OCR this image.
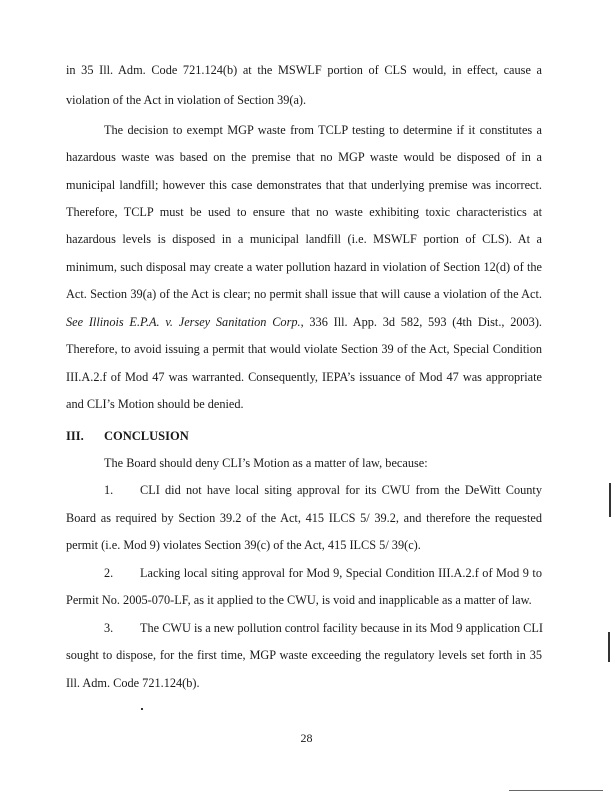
in 35 Ill. Adm. Code 721.124(b) at the MSWLF portion of CLS would, in effect, cause a
violation of the Act in violation of Section 39(a).
The decision to exempt MGP waste from TCLP testing to determine if it constitutes a
hazardous waste was based on the premise that no MGP waste would be disposed of in a
municipal landfill; however this case demonstrates that that underlying premise was incorrect.
Therefore, TCLP must be used to ensure that no waste exhibiting toxic characteristics at
hazardous levels is disposed in a municipal landfill (i.e. MSWLF portion of CLS). At a
minimum, such disposal may create a water pollution hazard in violation of Section 12(d) of the
Act. Section 39(a) of the Act is clear; no permit shall issue that will cause a violation of the Act.
See Illinois E.P.A. v. Jersey Sanitation Corp., 336 Ill. App. 3d 582, 593 (4th Dist., 2003).
Therefore, to avoid issuing a permit that would violate Section 39 of the Act, Special Condition
III.A.2.f of Mod 47 was warranted. Consequently, IEPA’s issuance of Mod 47 was appropriate
and CLI’s Motion should be denied.
III. CONCLUSION
The Board should deny CLI’s Motion as a matter of law, because:
1. CLI did not have local siting approval for its CWU from the DeWitt County
Board as required by Section 39.2 of the Act, 415 ILCS 5/ 39.2, and therefore the requested
permit (i.e. Mod 9) violates Section 39(c) of the Act, 415 ILCS 5/ 39(c).
2. Lacking local siting approval for Mod 9, Special Condition III.A.2.f of Mod 9 to
Permit No. 2005-070-LF, as it applied to the CWU, is void and inapplicable as a matter of law.
3. The CWU is a new pollution control facility because in its Mod 9 application CLI
sought to dispose, for the first time, MGP waste exceeding the regulatory levels set forth in 35
Ill. Adm. Code 721.124(b).
28
